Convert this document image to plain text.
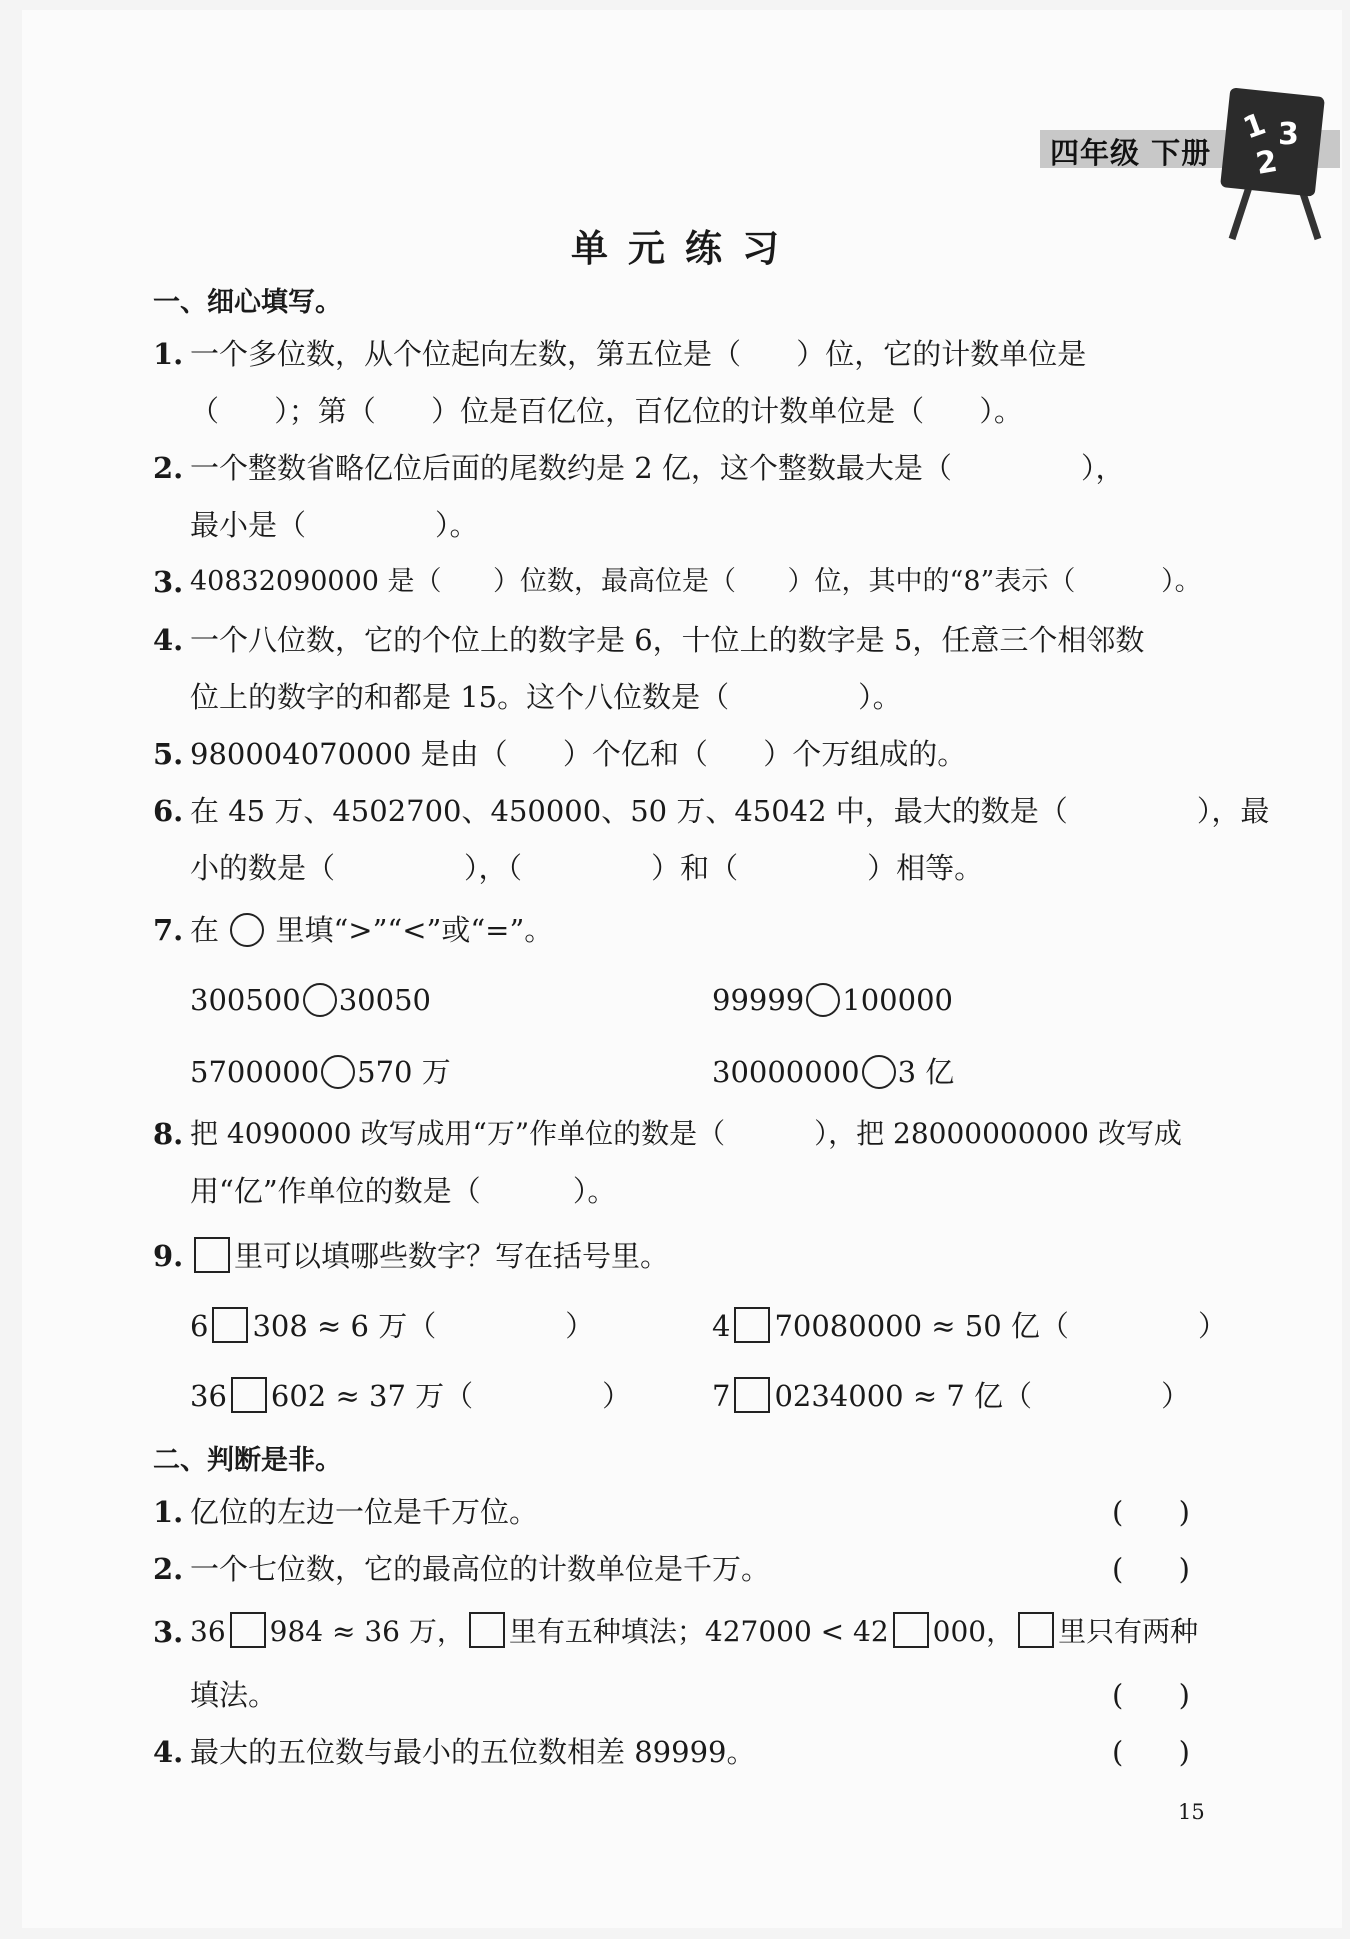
四年级 下册
1 3
2
单元练习
一、细心填写。
1. 一个多位数，从个位起向左数，第五位是（      ）位，它的计数单位是
（      ）；第（      ）位是百亿位，百亿位的计数单位是（      ）。
2. 一个整数省略亿位后面的尾数约是 2 亿，这个整数最大是（              ），
最小是（              ）。
3. 40832090000 是（      ）位数，最高位是（      ）位，其中的“8”表示（          ）。
4. 一个八位数，它的个位上的数字是 6，十位上的数字是 5，任意三个相邻数
位上的数字的和都是 15。这个八位数是（              ）。
5. 980004070000 是由（      ）个亿和（      ）个万组成的。
6. 在 45 万、4502700、450000、50 万、45042 中，最大的数是（              ），最
小的数是（              ），（              ）和（              ）相等。
7. 在 里填“>”“<”或“=”。
300500 30050	99999 100000
5700000 570 万	30000000 3 亿
8. 把 4090000 改写成用“万”作单位的数是（          ），把 28000000000 改写成
用“亿”作单位的数是（          ）。
9.	里可以填哪些数字？写在括号里。
6 308 ≈ 6 万（              ）	4 70080000 ≈ 50 亿（              ）
36 602 ≈ 37 万（              ）	7 0234000 ≈ 7 亿（              ）
二、判断是非。
1. 亿位的左边一位是千万位。	(      )
2. 一个七位数，它的最高位的计数单位是千万。	(      )
3. 36 984 ≈ 36 万， 里有五种填法；427000 < 42 000， 里只有两种
填法。	(      )
4. 最大的五位数与最小的五位数相差 89999。	(      )
15
